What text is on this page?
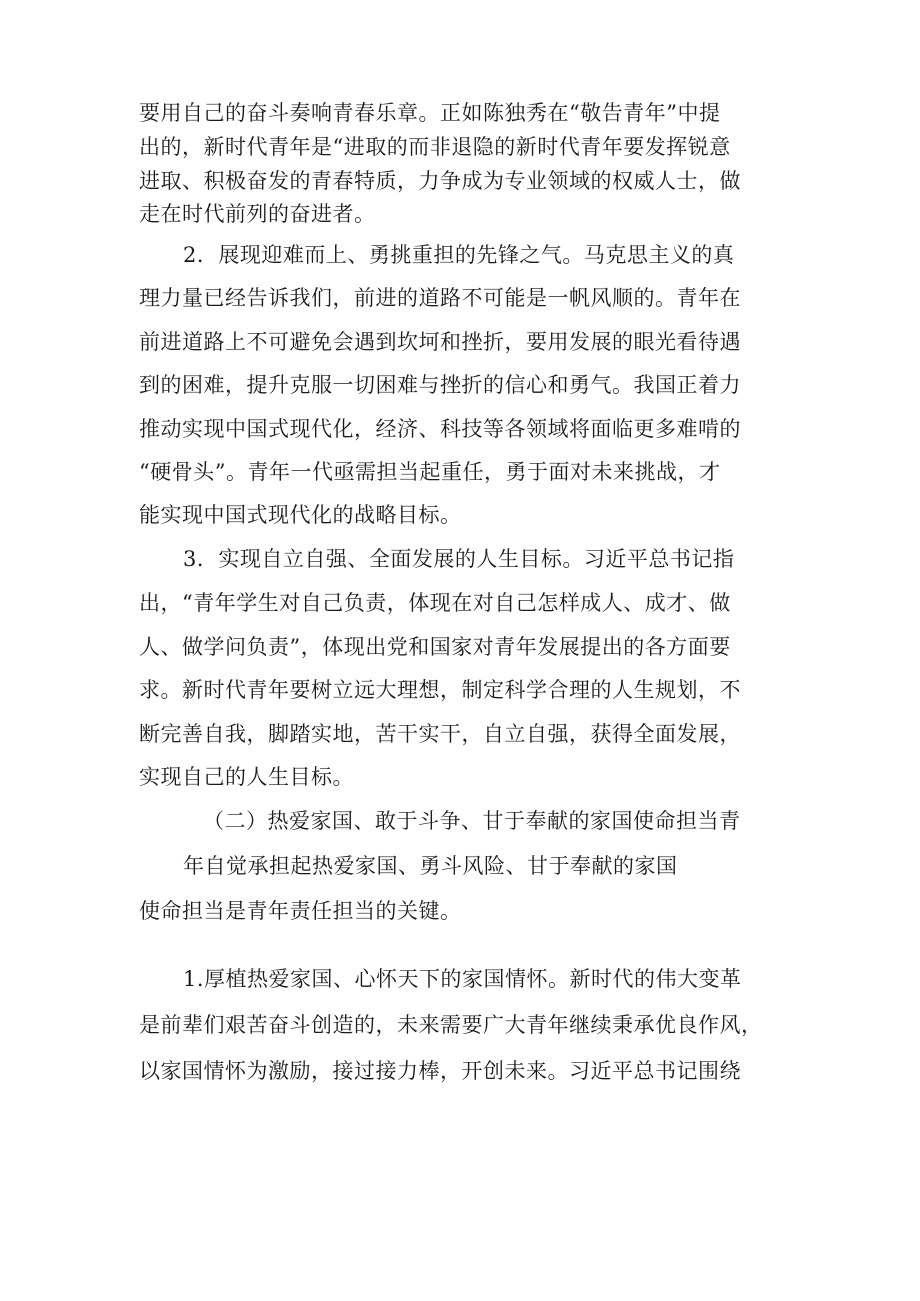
要用自己的奋斗奏响青春乐章。正如陈独秀在“敬告青年”中提
出的，新时代青年是“进取的而非退隐的新时代青年要发挥锐意
进取、积极奋发的青春特质，力争成为专业领域的权威人士，做
走在时代前列的奋进者。
2．展现迎难而上、勇挑重担的先锋之气。马克思主义的真
理力量已经告诉我们，前进的道路不可能是一帆风顺的。青年在
前进道路上不可避免会遇到坎坷和挫折，要用发展的眼光看待遇
到的困难，提升克服一切困难与挫折的信心和勇气。我国正着力
推动实现中国式现代化，经济、科技等各领域将面临更多难啃的
“硬骨头”。青年一代亟需担当起重任，勇于面对未来挑战，才
能实现中国式现代化的战略目标。
3．实现自立自强、全面发展的人生目标。习近平总书记指
出，“青年学生对自己负责，体现在对自己怎样成人、成才、做
人、做学问负责”，体现出党和国家对青年发展提出的各方面要
求。新时代青年要树立远大理想，制定科学合理的人生规划，不
断完善自我，脚踏实地，苦干实干，自立自强，获得全面发展，
实现自己的人生目标。
（二）热爱家国、敢于斗争、甘于奉献的家国使命担当青
年自觉承担起热爱家国、勇斗风险、甘于奉献的家国
使命担当是青年责任担当的关键。
1.厚植热爱家国、心怀天下的家国情怀。新时代的伟大变革
是前辈们艰苦奋斗创造的，未来需要广大青年继续秉承优良作风，
以家国情怀为激励，接过接力棒，开创未来。习近平总书记围绕
